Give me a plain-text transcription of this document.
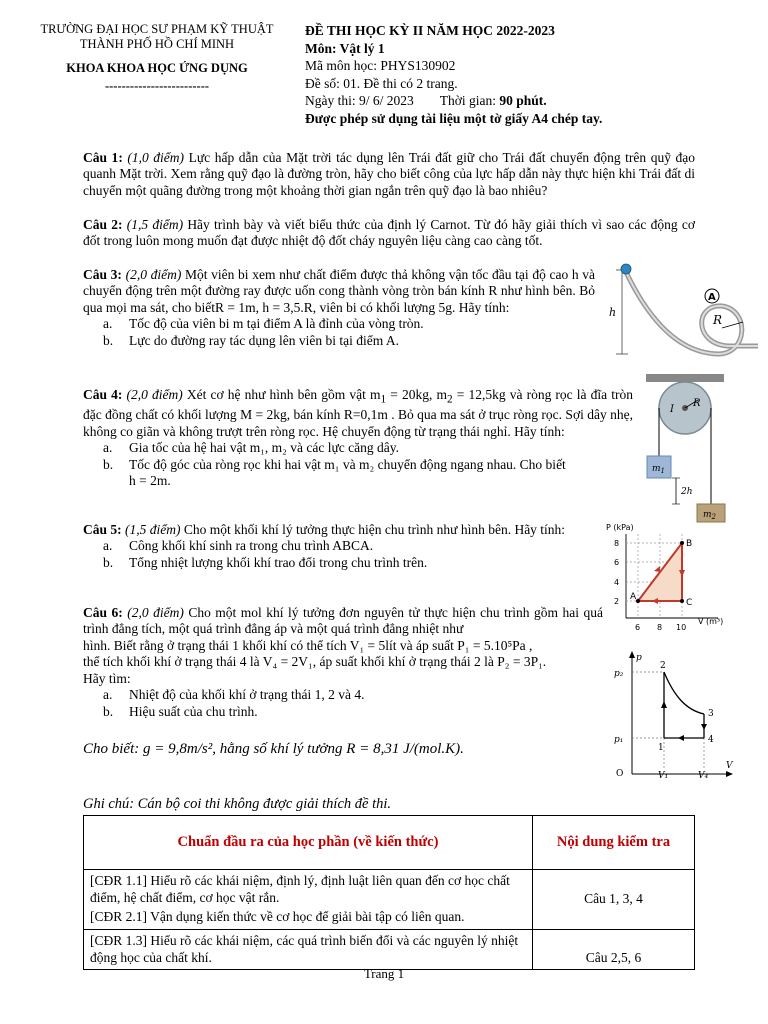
TRƯỜNG ĐẠI HỌC SƯ PHẠM KỸ THUẬT
THÀNH PHỐ HỒ CHÍ MINH
KHOA KHOA HỌC ỨNG DỤNG
-------------------------
ĐỀ THI HỌC KỲ II NĂM HỌC 2022-2023
Môn: Vật lý 1
Mã môn học: PHYS130902
Đề số: 01. Đề thi có 2 trang.
Ngày thi: 9/ 6/ 2023 Thời gian: 90 phút.
Được phép sử dụng tài liệu một tờ giấy A4 chép tay.
Câu 1: (1,0 điểm) Lực hấp dẫn của Mặt trời tác dụng lên Trái đất giữ cho Trái đất chuyển động trên quỹ đạo quanh Mặt trời. Xem rằng quỹ đạo là đường tròn, hãy cho biết công của lực hấp dẫn này thực hiện khi Trái đất di chuyển một quãng đường trong một khoảng thời gian ngắn trên quỹ đạo là bao nhiêu?
Câu 2: (1,5 điểm) Hãy trình bày và viết biểu thức của định lý Carnot. Từ đó hãy giải thích vì sao các động cơ đốt trong luôn mong muốn đạt được nhiệt độ đốt cháy nguyên liệu càng cao càng tốt.
Câu 3: (2,0 điểm) Một viên bi xem như chất điểm được thả không vận tốc đầu tại độ cao h và chuyển động trên một đường ray được uốn cong thành vòng tròn bán kính R như hình bên. Bỏ qua mọi ma sát, cho biếtR = 1m, h = 3,5.R, viên bi có khối lượng 5g. Hãy tính:
a.	Tốc độ của viên bi m tại điểm A là đỉnh của vòng tròn.
b.	Lực do đường ray tác dụng lên viên bi tại điểm A.
Câu 4: (2,0 điểm) Xét cơ hệ như hình bên gồm vật $m_1 = 20kg$, $m_2 = 12,5kg$ và ròng rọc là đĩa tròn đặc đồng chất có khối lượng M = 2kg, bán kính R=0,1m . Bỏ qua ma sát ở trục ròng rọc. Sợi dây nhẹ, không co giãn và không trượt trên ròng rọc. Hệ chuyển động từ trạng thái nghỉ. Hãy tính:
a.	Gia tốc của hệ hai vật m₁, m₂ và các lực căng dây.
b.	Tốc độ góc của ròng rọc khi hai vật m₁ và m₂ chuyển động ngang nhau. Cho biết
h = 2m.
Câu 5: (1,5 điểm) Cho một khối khí lý tưởng thực hiện chu trình như hình bên. Hãy tính:
a.	Công khối khí sinh ra trong chu trình ABCA.
b.	Tổng nhiệt lượng khối khí trao đổi trong chu trình trên.
Câu 6: (2,0 điểm) Cho một mol khí lý tưởng đơn nguyên tử thực hiện chu trình gồm hai quá trình đẳng tích, một quá trình đẳng áp và một quá trình đẳng nhiệt như
hình. Biết rằng ở trạng thái 1 khối khí có thể tích V₁ = 5lít và áp suất P₁ = 5.10⁵Pa ,
thể tích khối khí ở trạng thái 4 là V₄ = 2V₁, áp suất khối khí ở trạng thái 2 là P₂ = 3P₁.
Hãy tìm:
a.	Nhiệt độ của khối khí ở trạng thái 1, 2 và 4.
b.	Hiệu suất của chu trình.
Cho biết: g = 9,8m/s², hằng số khí lý tưởng R = 8,31 J/(mol.K).
Ghi chú: Cán bộ coi thi không được giải thích đề thi.
Chuẩn đầu ra của học phần (về kiến thức)	Nội dung kiểm tra

[CĐR 1.1] Hiểu rõ các khái niệm, định lý, định luật liên quan đến cơ học chất điểm, hệ chất điểm, cơ học vật rắn.
[CĐR 2.1] Vận dụng kiến thức về cơ học để giải bài tập có liên quan.	Câu 1, 3, 4

[CĐR 1.3] Hiểu rõ các khái niệm, các quá trình biến đổi và các nguyên lý nhiệt động học của chất khí.	Câu 2,5, 6
Trang 1
h
A
R
I
R
$m_1$
2h
$m_2$
P (kPa)
V (m³)
8
6
4
2
6 8 10
A
B
C
p
V
O
p₂
p₁
V₁	V₄
1
2
3
4
